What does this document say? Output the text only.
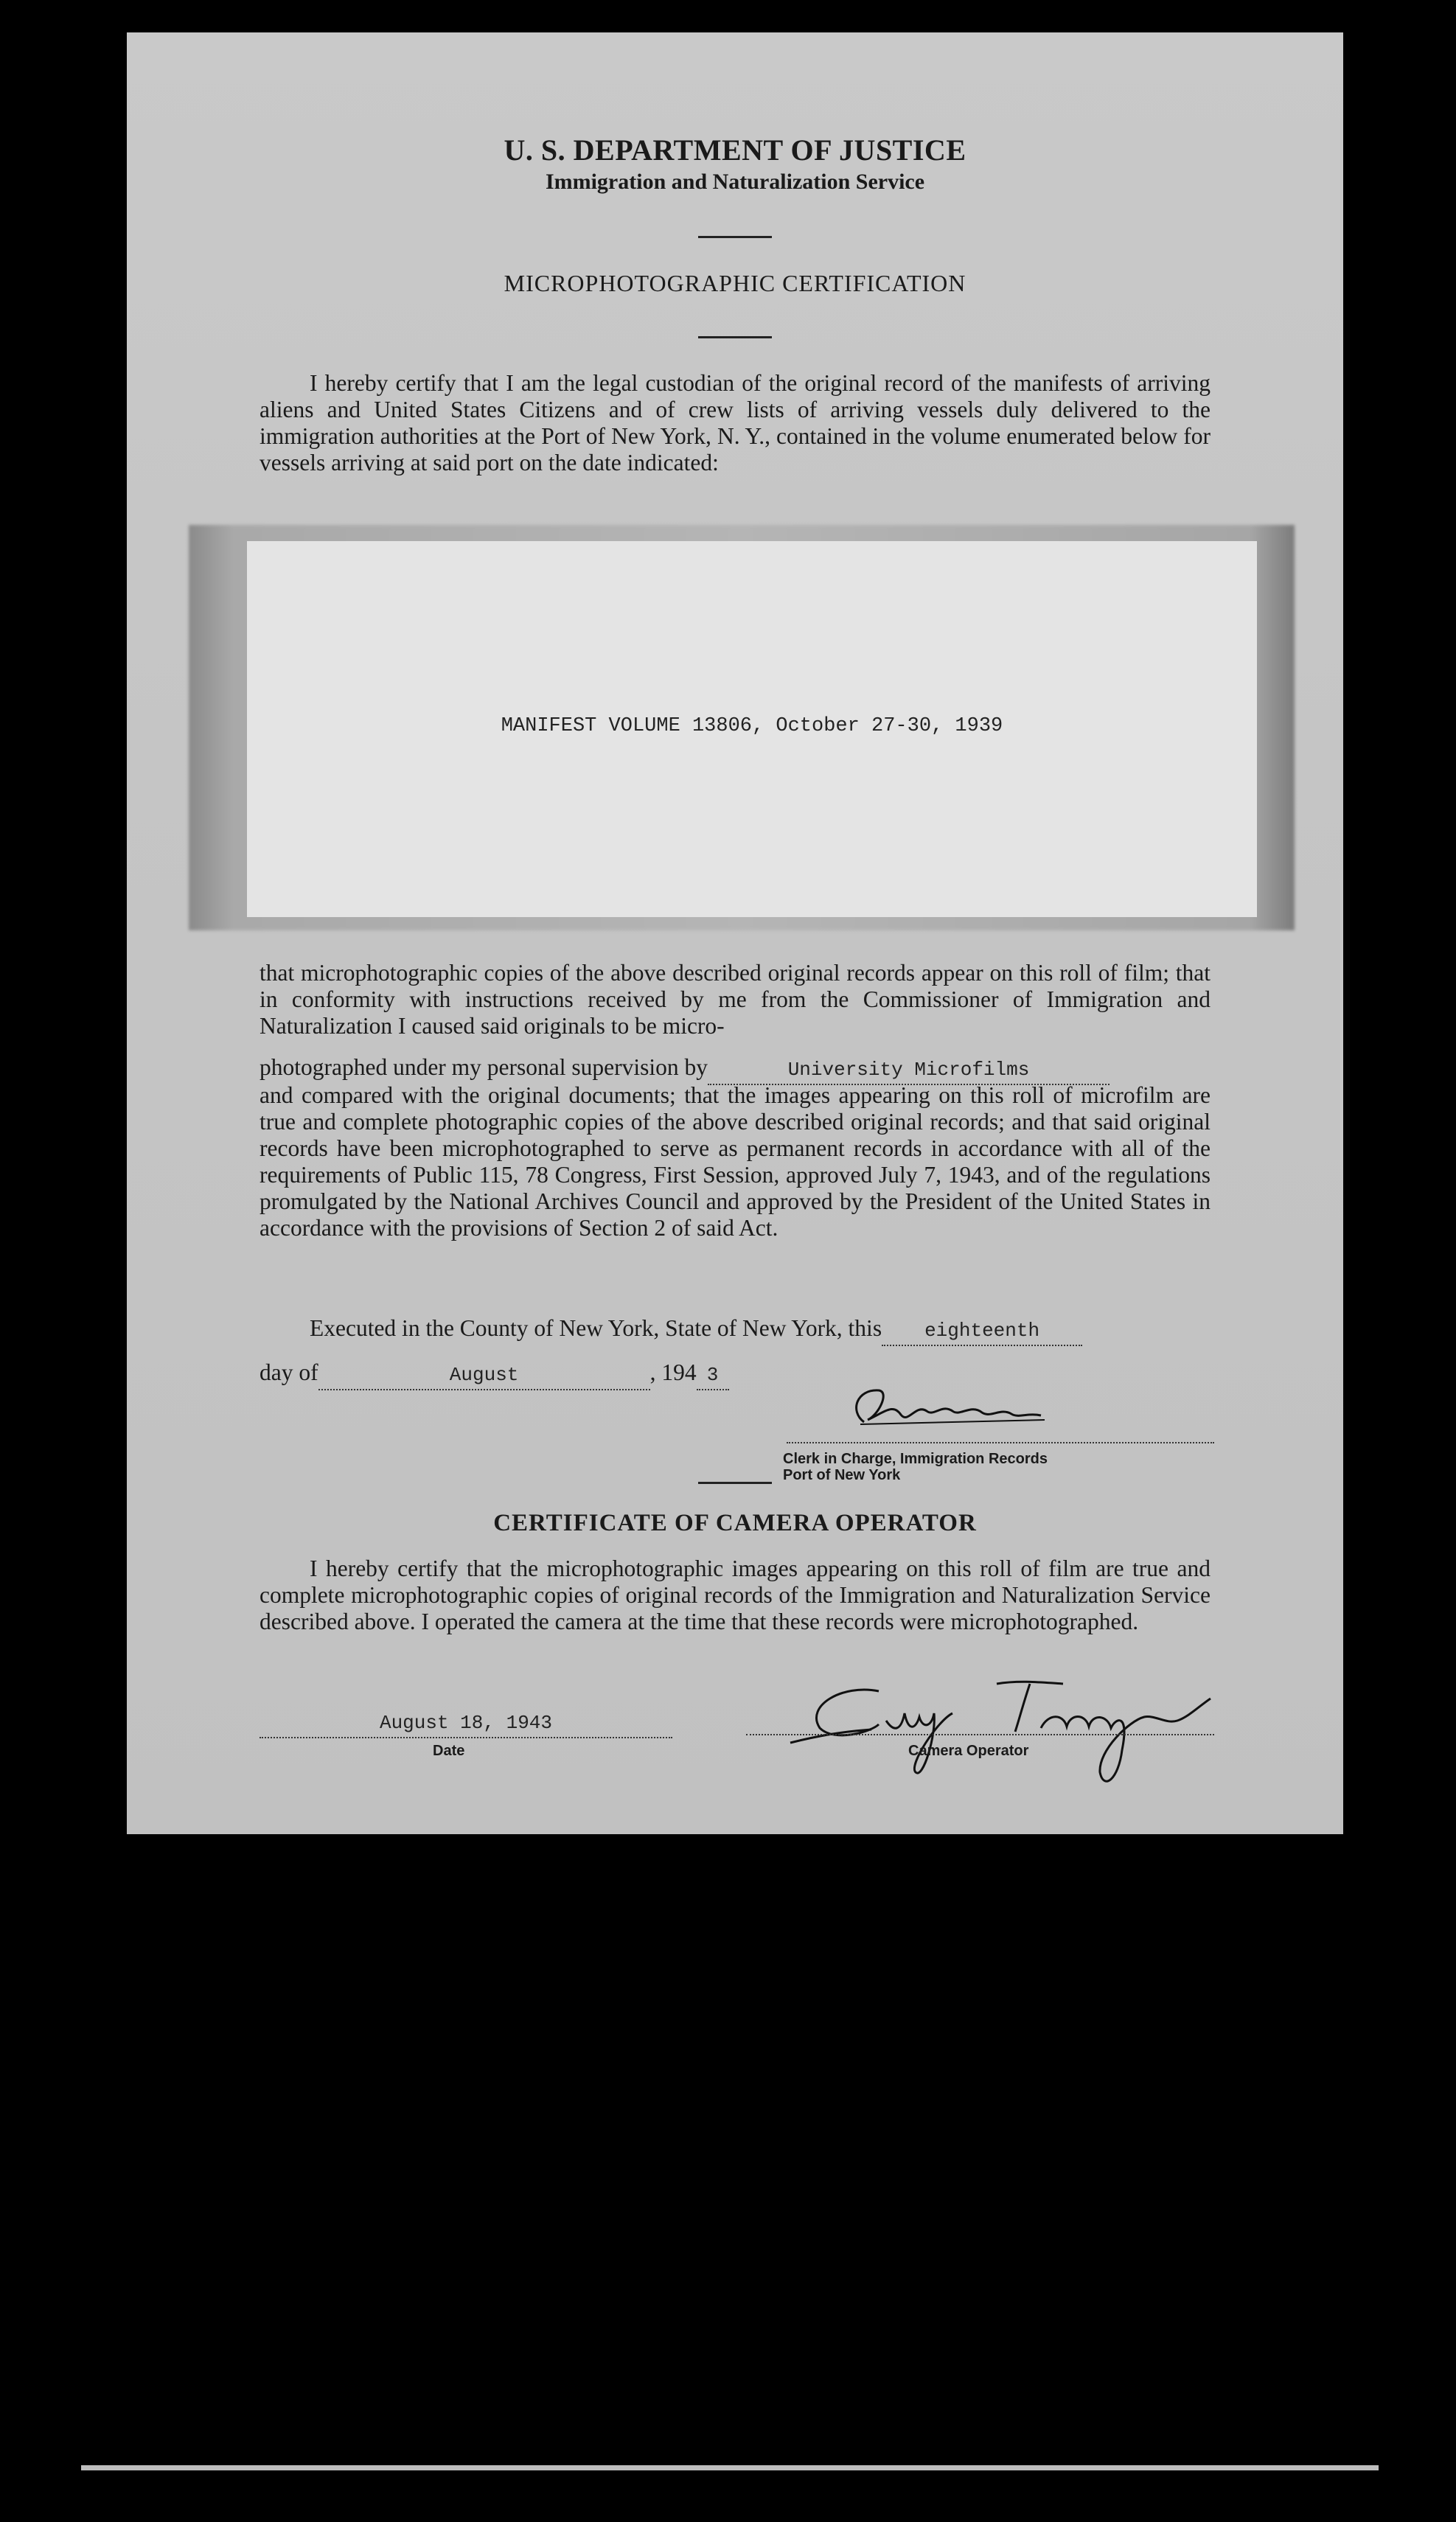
U. S. DEPARTMENT OF JUSTICE
Immigration and Naturalization Service
MICROPHOTOGRAPHIC CERTIFICATION
I hereby certify that I am the legal custodian of the original record of the manifests of arriving aliens and United States Citizens and of crew lists of arriving vessels duly delivered to the immigration authorities at the Port of New York, N. Y., contained in the volume enumerated below for vessels arriving at said port on the date indicated:
MANIFEST VOLUME 13806, October 27-30, 1939
that microphotographic copies of the above described original records appear on this roll of film; that in conformity with instructions received by me from the Commissioner of Immigration and Naturalization I caused said originals to be micro-
photographed under my personal supervision by	University Microfilms
and compared with the original documents; that the images appearing on this roll of microfilm are true and complete photographic copies of the above described original records; and that said original records have been microphotographed to serve as permanent records in accordance with all of the requirements of Public 115, 78 Congress, First Session, approved July 7, 1943, and of the regulations promulgated by the National Archives Council and approved by the President of the United States in accordance with the provisions of Section 2 of said Act.
Executed in the County of New York, State of New York, this eighteenth
day of	August	, 194 3
Clerk in Charge, Immigration Records
Port of New York
CERTIFICATE OF CAMERA OPERATOR
I hereby certify that the microphotographic images appearing on this roll of film are true and complete microphotographic copies of original records of the Immigration and Naturalization Service described above. I operated the camera at the time that these records were microphotographed.
August 18, 1943
Date	Camera Operator
